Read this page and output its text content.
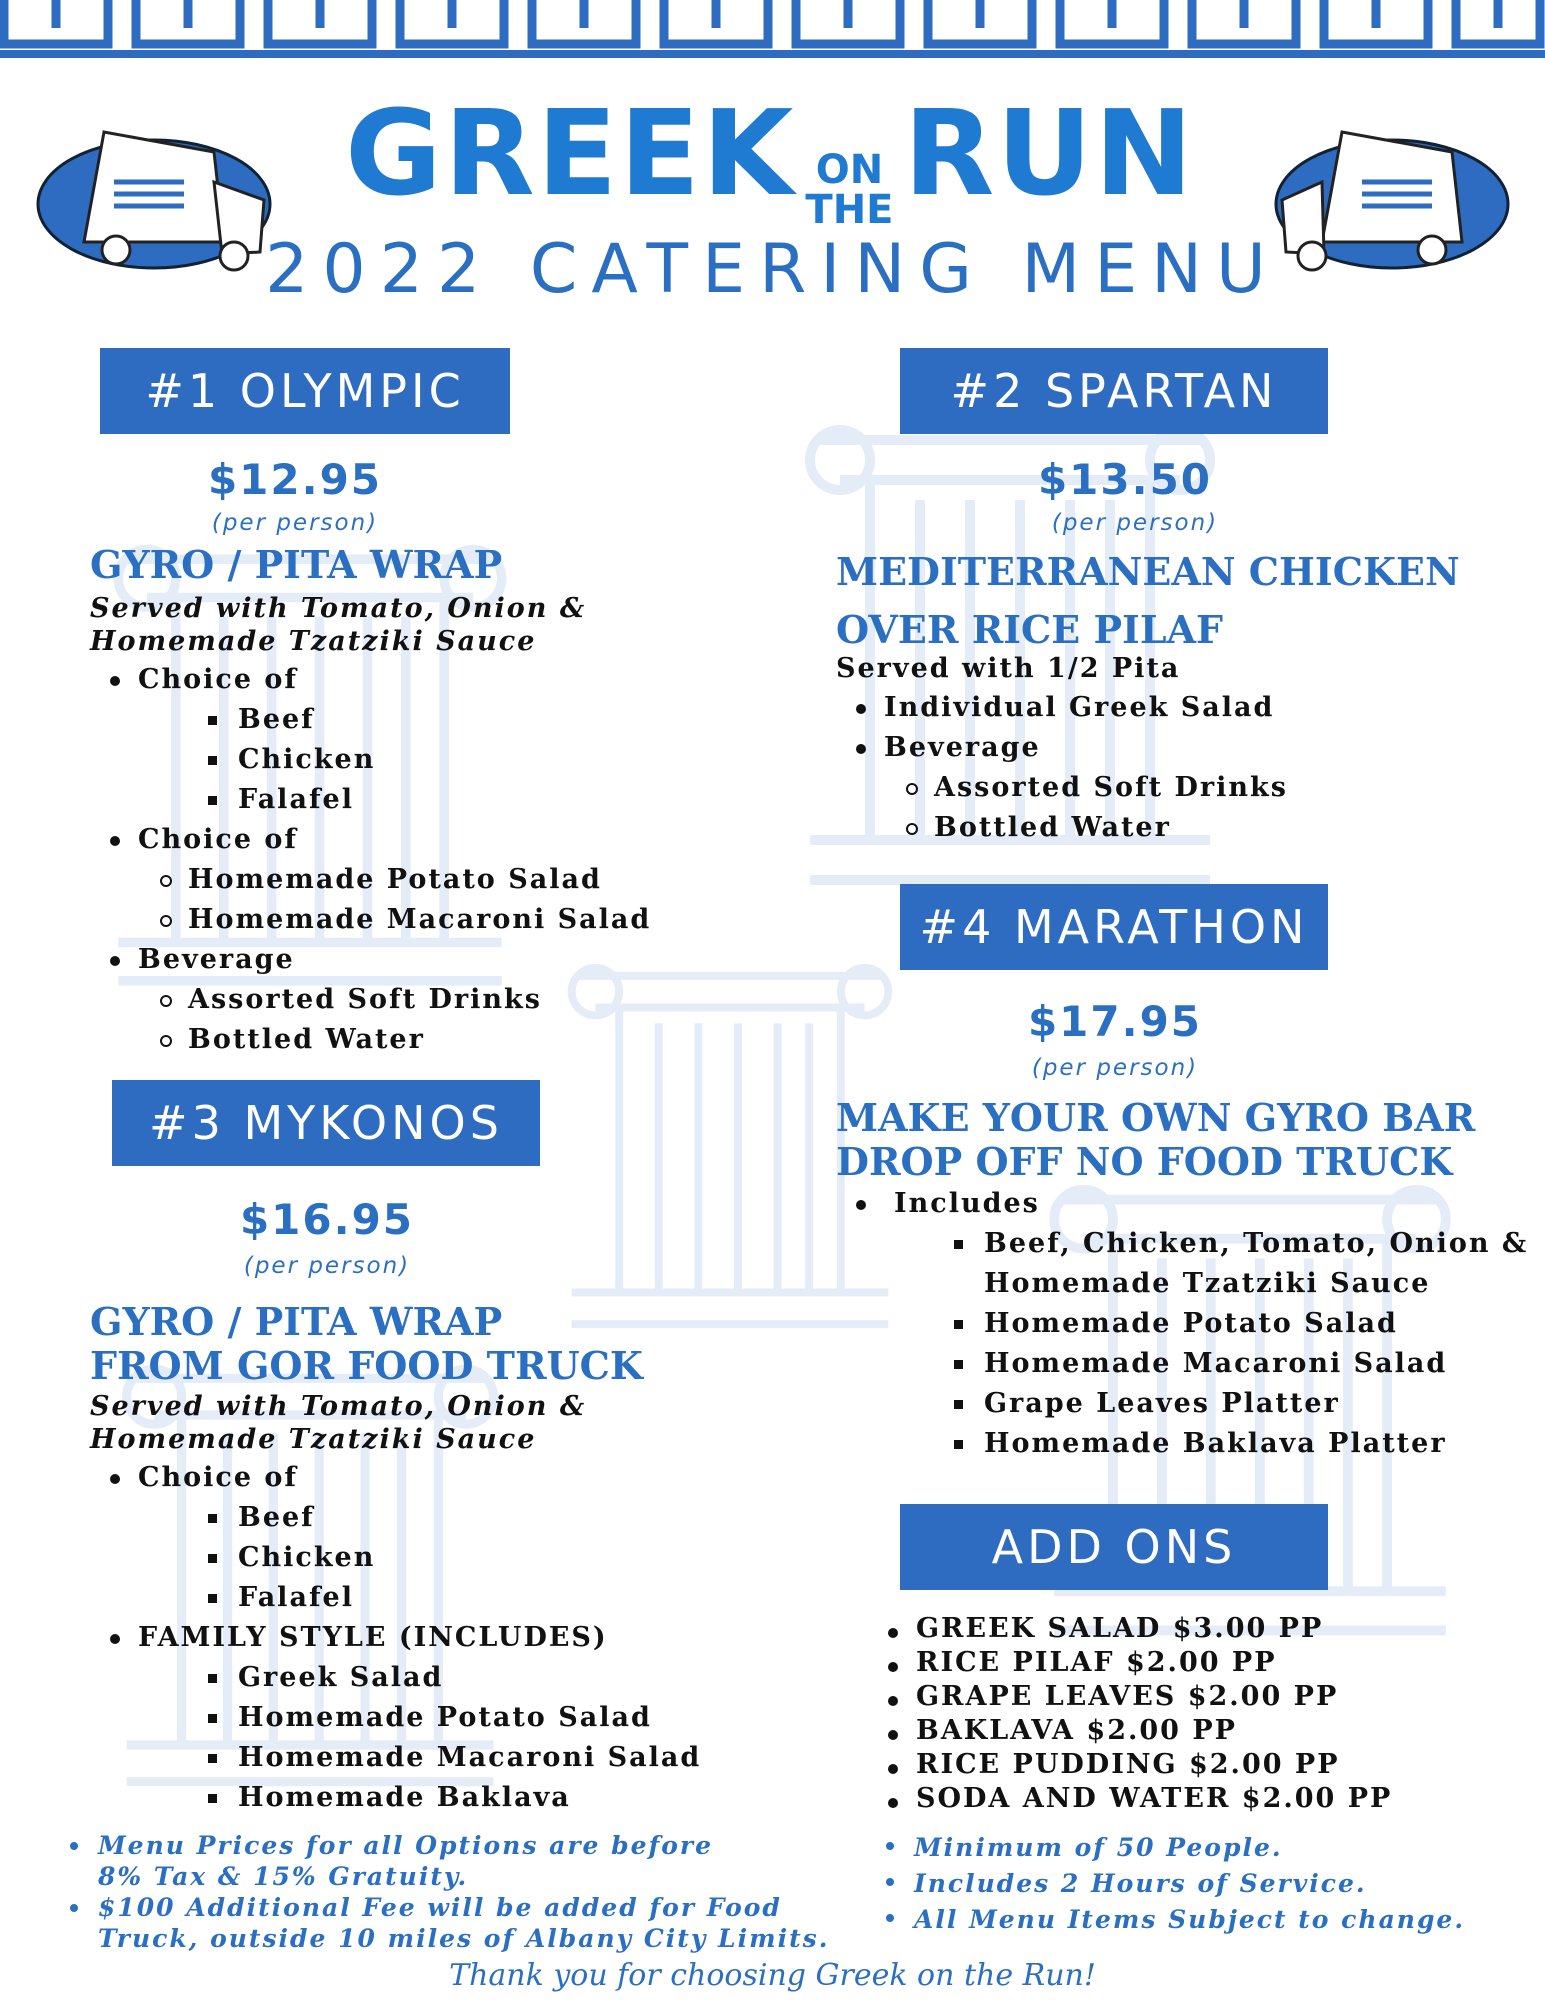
GREEK ON
THERUN
2022 CATERING MENU
#1 OLYMPIC
$12.95
(per person)
GYRO / PITA WRAP
Served with Tomato, Onion &
Homemade Tzatziki Sauce
Choice of
Beef
Chicken
Falafel
Choice of
Homemade Potato Salad
Homemade Macaroni Salad
Beverage
Assorted Soft Drinks
Bottled Water
#2 SPARTAN
$13.50
(per person)
MEDITERRANEAN CHICKEN
OVER RICE PILAF
Served with 1/2 Pita
Individual Greek Salad
Beverage
Assorted Soft Drinks
Bottled Water
#4 MARATHON
$17.95
(per person)
MAKE YOUR OWN GYRO BAR
DROP OFF NO FOOD TRUCK
Includes
Beef, Chicken, Tomato, Onion &
Homemade Tzatziki Sauce
Homemade Potato Salad
Homemade Macaroni Salad
Grape Leaves Platter
Homemade Baklava Platter
#3 MYKONOS
$16.95
(per person)
GYRO / PITA WRAP
FROM GOR FOOD TRUCK
Served with Tomato, Onion &
Homemade Tzatziki Sauce
Choice of
Beef
Chicken
Falafel
FAMILY STYLE (INCLUDES)
Greek Salad
Homemade Potato Salad
Homemade Macaroni Salad
Homemade Baklava
ADD ONS
GREEK SALAD $3.00 PP
RICE PILAF $2.00 PP
GRAPE LEAVES $2.00 PP
BAKLAVA $2.00 PP
RICE PUDDING $2.00 PP
SODA AND WATER $2.00 PP
Menu Prices for all Options are before
8% Tax & 15% Gratuity.
$100 Additional Fee will be added for Food
Truck, outside 10 miles of Albany City Limits.
Minimum of 50 People.
Includes 2 Hours of Service.
All Menu Items Subject to change.
Thank you for choosing Greek on the Run!
